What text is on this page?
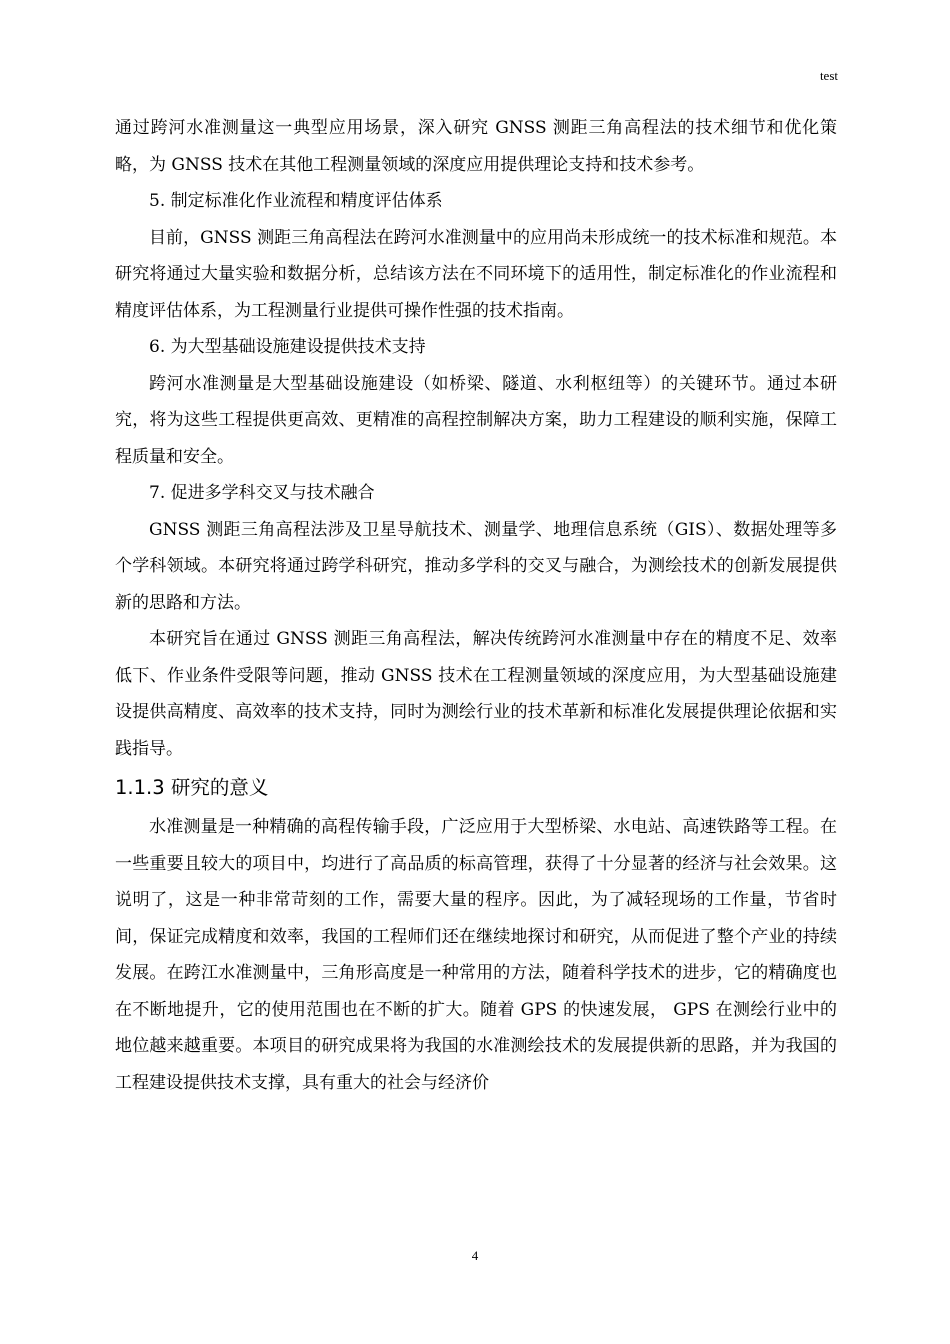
test

通过跨河水准测量这一典型应用场景，深入研究 GNSS 测距三角高程法的技术细节和优化策略，为 GNSS 技术在其他工程测量领域的深度应用提供理论支持和技术参考。

5. 制定标准化作业流程和精度评估体系

目前，GNSS 测距三角高程法在跨河水准测量中的应用尚未形成统一的技术标准和规范。本研究将通过大量实验和数据分析，总结该方法在不同环境下的适用性，制定标准化的作业流程和精度评估体系，为工程测量行业提供可操作性强的技术指南。

6. 为大型基础设施建设提供技术支持

跨河水准测量是大型基础设施建设（如桥梁、隧道、水利枢纽等）的关键环节。通过本研究，将为这些工程提供更高效、更精准的高程控制解决方案，助力工程建设的顺利实施，保障工程质量和安全。

7. 促进多学科交叉与技术融合

GNSS 测距三角高程法涉及卫星导航技术、测量学、地理信息系统（GIS）、数据处理等多个学科领域。本研究将通过跨学科研究，推动多学科的交叉与融合，为测绘技术的创新发展提供新的思路和方法。

本研究旨在通过 GNSS 测距三角高程法，解决传统跨河水准测量中存在的精度不足、效率低下、作业条件受限等问题，推动 GNSS 技术在工程测量领域的深度应用，为大型基础设施建设提供高精度、高效率的技术支持，同时为测绘行业的技术革新和标准化发展提供理论依据和实践指导。

1.1.3 研究的意义

水准测量是一种精确的高程传输手段，广泛应用于大型桥梁、水电站、高速铁路等工程。在一些重要且较大的项目中，均进行了高品质的标高管理，获得了十分显著的经济与社会效果。这说明了，这是一种非常苛刻的工作，需要大量的程序。因此，为了减轻现场的工作量，节省时间，保证完成精度和效率，我国的工程师们还在继续地探讨和研究，从而促进了整个产业的持续发展。在跨江水准测量中，三角形高度是一种常用的方法，随着科学技术的进步，它的精确度也在不断地提升，它的使用范围也在不断的扩大。随着 GPS 的快速发展， GPS 在测绘行业中的地位越来越重要。本项目的研究成果将为我国的水准测绘技术的发展提供新的思路，并为我国的工程建设提供技术支撑，具有重大的社会与经济价

4
